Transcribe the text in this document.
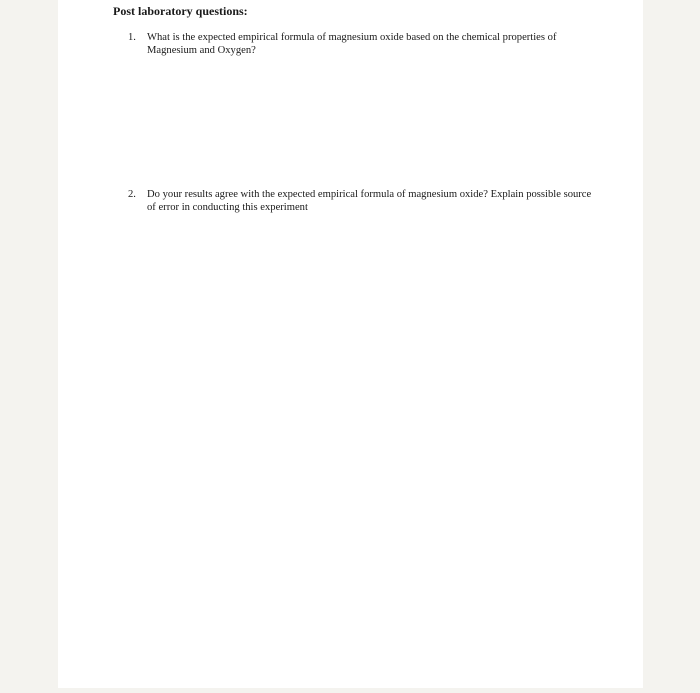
Post laboratory questions:
1. What is the expected empirical formula of magnesium oxide based on the chemical properties of Magnesium and Oxygen?
2. Do your results agree with the expected empirical formula of magnesium oxide? Explain possible source of error in conducting this experiment
